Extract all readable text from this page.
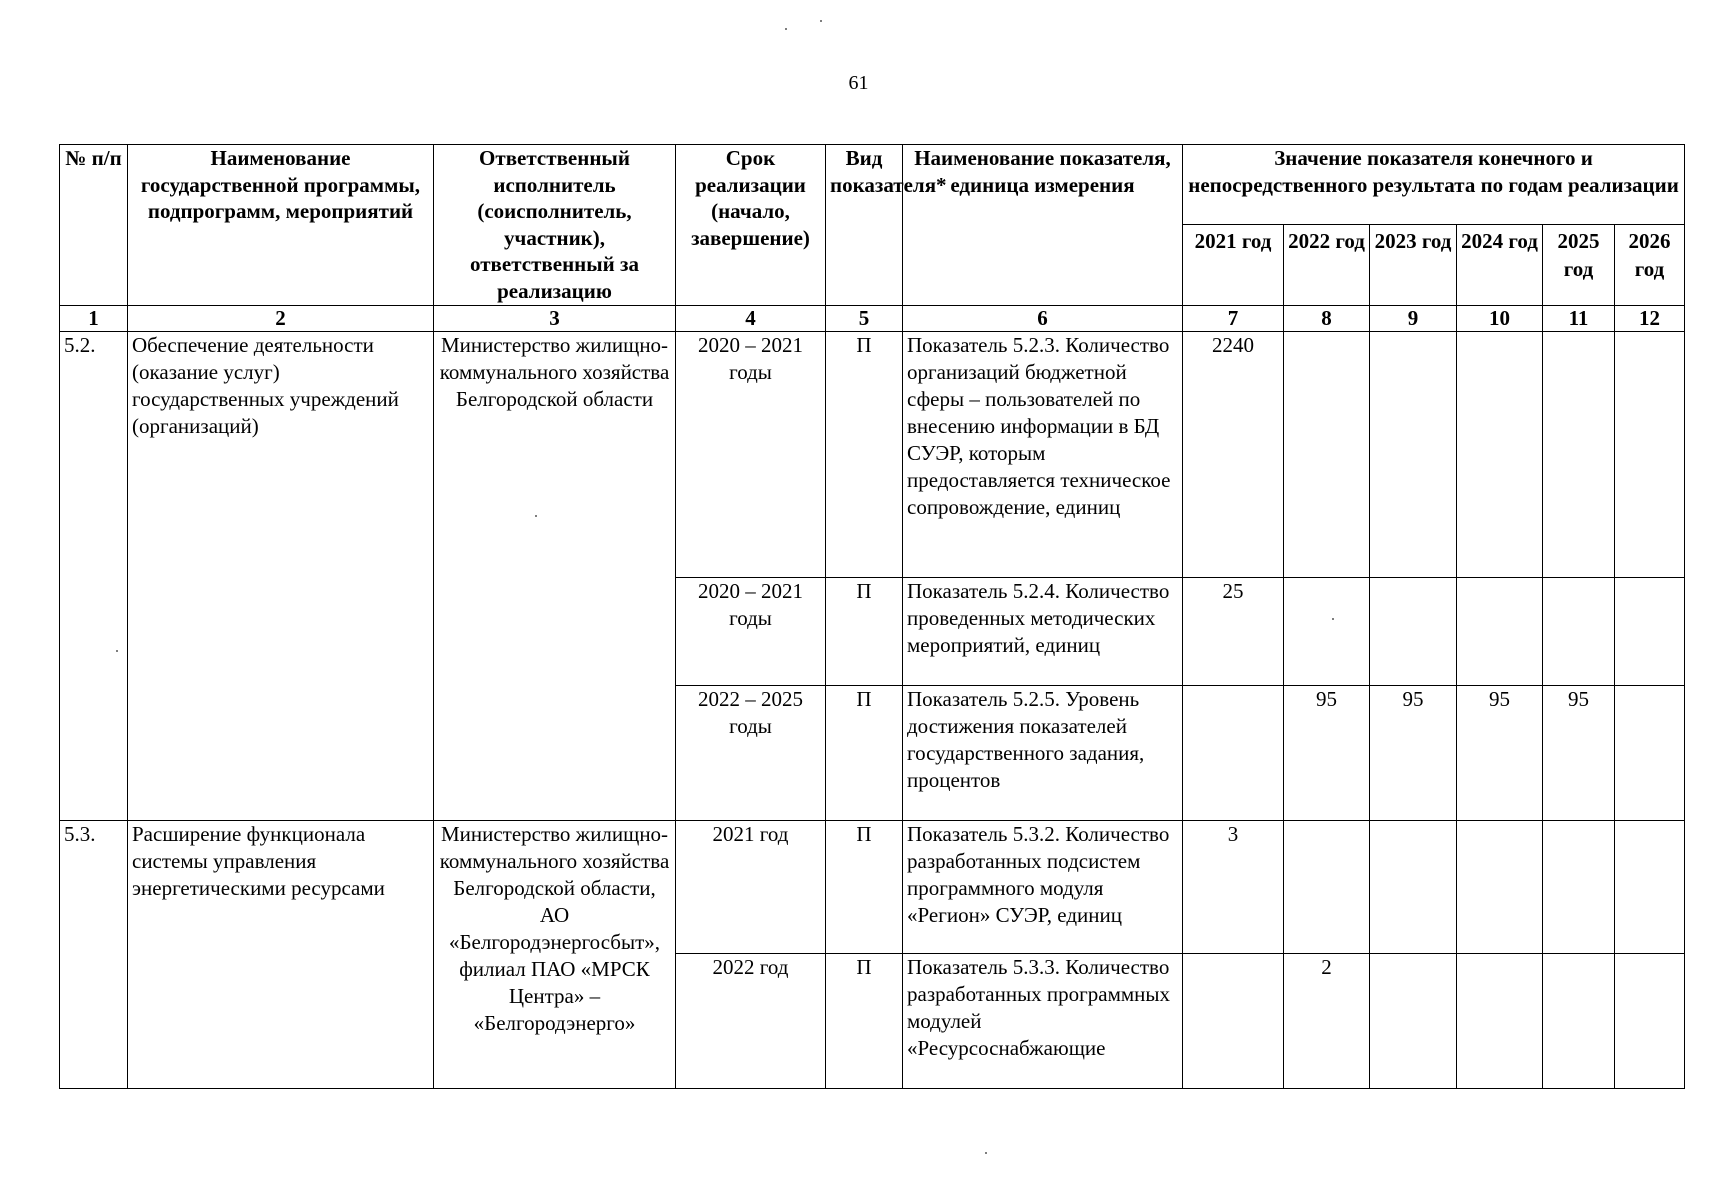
61
№ п/п	Наименование государственной программы, подпрограмм, мероприятий	Ответственный исполнитель (соисполнитель, участник), ответственный за реализацию	Срок реализации (начало, завершение)	Вид показателя*	Наименование показателя, единица измерения	Значение показателя конечного и непосредственного результата по годам реализации					
						2021 год	2022 год	2023 год	2024 год	2025 год	2026 год
1	2	3	4	5	6	7	8	9	10	11	12
5.2.	Обеспечение деятельности (оказание услуг) государственных учреждений (организаций)	Министерство жилищно-коммунального хозяйства Белгородской области	2020 – 2021 годы	П	Показатель 5.2.3. Количество организаций бюджетной сферы – пользователей по внесению информации в БД СУЭР, которым предоставляется техническое сопровождение, единиц	2240					
			2020 – 2021 годы	П	Показатель 5.2.4. Количество проведенных методических мероприятий, единиц	25					
			2022 – 2025 годы	П	Показатель 5.2.5. Уровень достижения показателей государственного задания, процентов		95	95	95	95	
5.3.	Расширение функционала системы управления энергетическими ресурсами	Министерство жилищно-коммунального хозяйства Белгородской области, АО «Белгородэнергосбыт», филиал ПАО «МРСК Центра» – «Белгородэнерго»	2021 год	П	Показатель 5.3.2. Количество разработанных подсистем программного модуля «Регион» СУЭР, единиц	3					
			2022 год	П	Показатель 5.3.3. Количество разработанных программных модулей «Ресурсоснабжающие		2				
